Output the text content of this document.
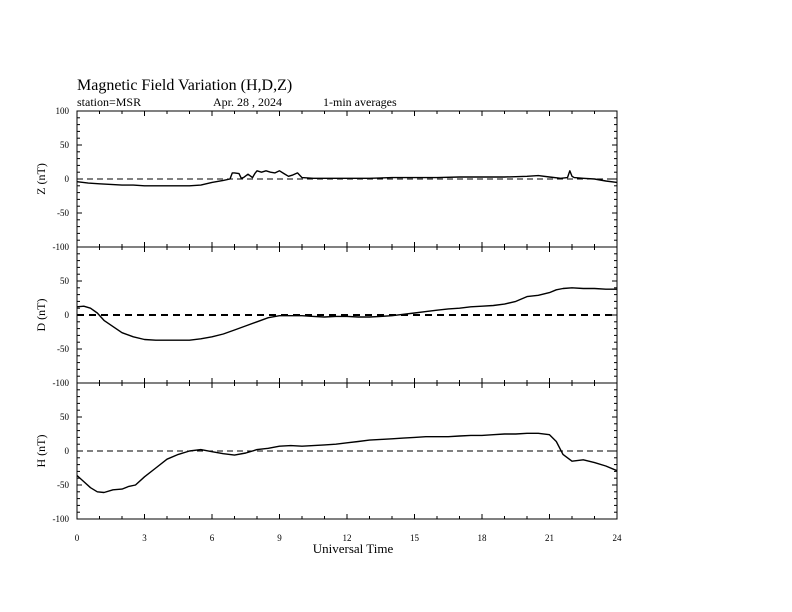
Magnetic Field Variation (H,D,Z)
station=MSR	Apr. 28 , 2024	1-min averages
-100
-50
0
50
100
Z (nT)
-100
-50
0
50
D (nT)
-100
-50
0
50
H (nT)
0	3	6	9	12	15	18	21	24
Universal Time
